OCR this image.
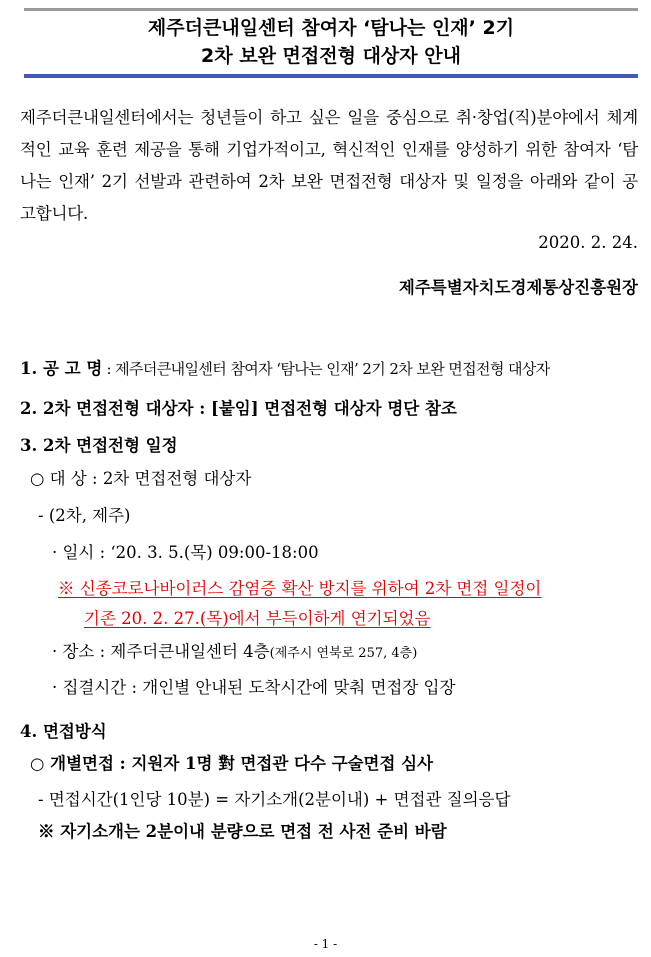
제주더큰내일센터 참여자 ‘탐나는 인재’ 2기
2차 보완 면접전형 대상자 안내
제주더큰내일센터에서는 청년들이 하고 싶은 일을 중심으로 취·창업(직)분야에서 체계적인 교육 훈련 제공을 통해 기업가적이고, 혁신적인 인재를 양성하기 위한 참여자 ‘탐나는 인재’ 2기 선발과 관련하여 2차 보완 면접전형 대상자 및 일정을 아래와 같이 공고합니다.
2020. 2. 24.
제주특별자치도경제통상진흥원장
1. 공 고 명 : 제주더큰내일센터 참여자 ‘탐나는 인재’ 2기 2차 보완 면접전형 대상자
2. 2차 면접전형 대상자 : [붙임] 면접전형 대상자 명단 참조
3. 2차 면접전형 일정
○ 대 상 : 2차 면접전형 대상자
- (2차, 제주)
· 일시 : ‘20. 3. 5.(목) 09:00-18:00
※ 신종코로나바이러스 감염증 확산 방지를 위하여 2차 면접 일정이
기존 20. 2. 27.(목)에서 부득이하게 연기되었음
· 장소 : 제주더큰내일센터 4층(제주시 연북로 257, 4층)
· 집결시간 : 개인별 안내된 도착시간에 맞춰 면접장 입장
4. 면접방식
○ 개별면접 : 지원자 1명 對 면접관 다수 구술면접 심사
- 면접시간(1인당 10분) = 자기소개(2분이내) + 면접관 질의응답
※ 자기소개는 2분이내 분량으로 면접 전 사전 준비 바람
- 1 -
